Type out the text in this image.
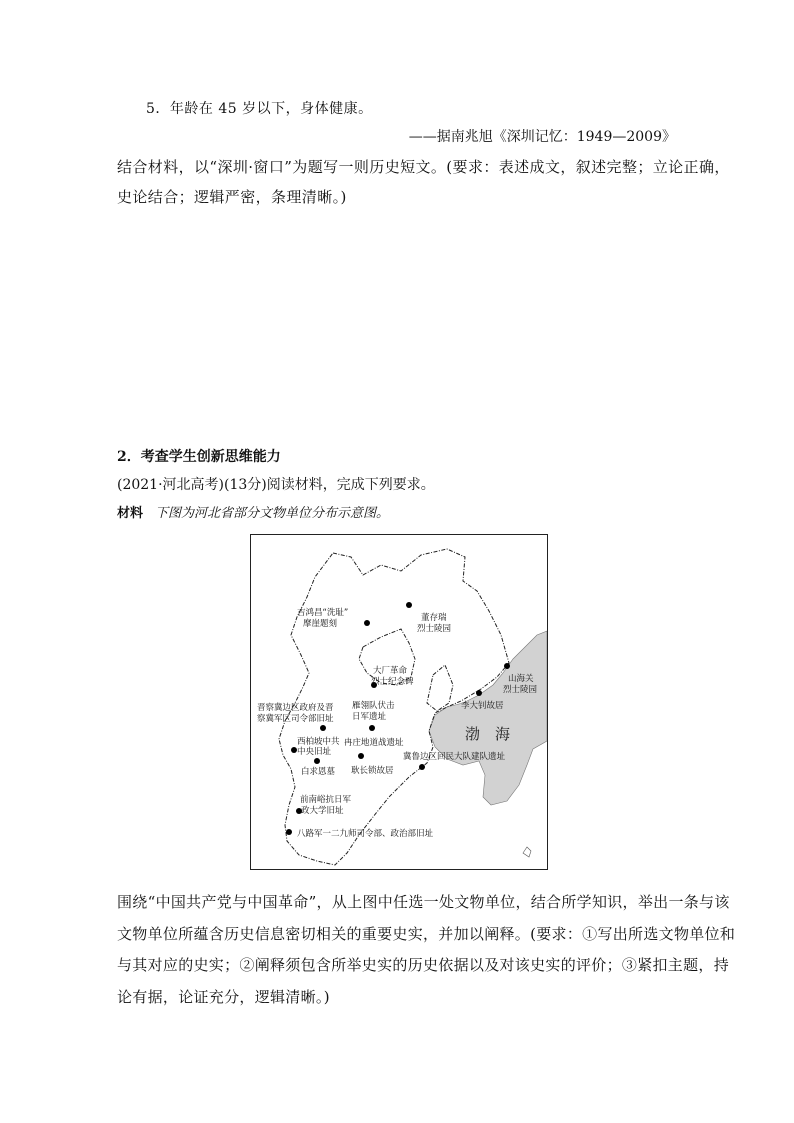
5．年龄在 45 岁以下，身体健康。
——据南兆旭《深圳记忆：1949—2009》
结合材料，以“深圳·窗口”为题写一则历史短文。(要求：表述成文，叙述完整；立论正确，
史论结合；逻辑严密，条理清晰。)
2．考查学生创新思维能力
(2021·河北高考)(13分)阅读材料，完成下列要求。
材料 下图为河北省部分文物单位分布示意图。
渤 海
吉鸿昌“洗耻”
摩崖题刻
董存瑞
烈士陵园
大厂革命
烈士纪念碑	山海关
烈士陵园
李大钊故居
晋察冀边区政府及晋
察冀军区司令部旧址
雁翎队伏击
日军遗址
西柏坡中共
中央旧址
冉庄地道战遗址
白求恩墓 耿长锁故居
冀鲁边区回民大队建队遗址
前南峪抗日军
政大学旧址
八路军一二九师司令部、政治部旧址
围绕“中国共产党与中国革命”，从上图中任选一处文物单位，结合所学知识，举出一条与该
文物单位所蕴含历史信息密切相关的重要史实，并加以阐释。(要求：①写出所选文物单位和
与其对应的史实；②阐释须包含所举史实的历史依据以及对该史实的评价；③紧扣主题，持
论有据，论证充分，逻辑清晰。)
